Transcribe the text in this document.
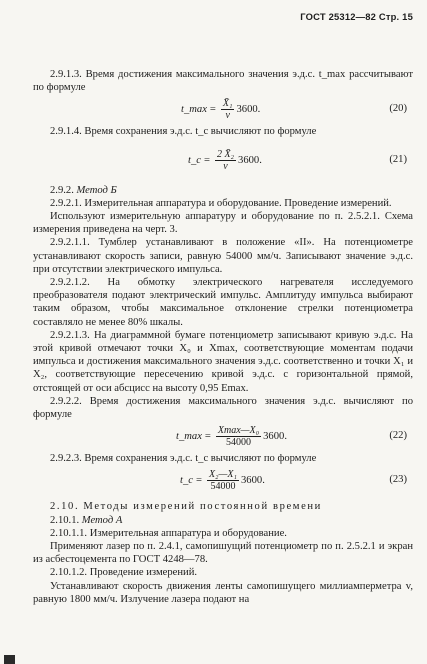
ГОСТ 25312—82 Стр. 15

2.9.1.3. Время достижения максимального значения э.д.с. t_max рассчитывают по формуле

t_max = $\frac{\text{X̄₁}}{v} 3600$.	(20)

2.9.1.4. Время сохранения э.д.с. t_c вычисляют по формуле

t_c = $\frac{\text{2 X̄₂}}{v} 3600$.	(21)

2.9.2. Метод Б

2.9.2.1. Измерительная аппаратура и оборудование. Проведение измерений.

Используют измерительную аппаратуру и оборудование по п. 2.5.2.1. Схема измерения приведена на черт. 3.

2.9.2.1.1. Тумблер устанавливают в положение «II». На потенциометре устанавливают скорость записи, равную 54000 мм/ч. Записывают значение э.д.с. при отсутствии электрического импульса.

2.9.2.1.2. На обмотку электрического нагревателя исследуемого преобразователя подают электрический импульс. Амплитуду импульса выбирают таким образом, чтобы максимальное отклонение стрелки потенциометра составляло не менее 80% шкалы.

2.9.2.1.3. На диаграммной бумаге потенциометр записывают кривую э.д.с. На этой кривой отмечают точки X₀ и Xmax, соответствующие моментам подачи импульса и достижения максимального значения э.д.с. соответственно и точки X₁ и X₂, соответствующие пересечению кривой э.д.с. с горизонтальной прямой, отстоящей от оси абсцисс на высоту 0,95 Emax.

2.9.2.2. Время достижения максимального значения э.д.с. вычисляют по формуле

t_max = $\frac{\text{Xmax—X₀}}{54000} 3600$.	(22)

2.9.2.3. Время сохранения э.д.с. t_c вычисляют по формуле

t_c = $\frac{\text{X₂—X₁}}{54000} 3600$.	(23)

2.10. Методы измерений постоянной времени

2.10.1. Метод А

2.10.1.1. Измерительная аппаратура и оборудование.

Применяют лазер по п. 2.4.1, самопишущий потенциометр по п. 2.5.2.1 и экран из асбестоцемента по ГОСТ 4248—78.

2.10.1.2. Проведение измерений.

Устанавливают скорость движения ленты самопишущего миллиамперметра v, равную 1800 мм/ч. Излучение лазера подают на
